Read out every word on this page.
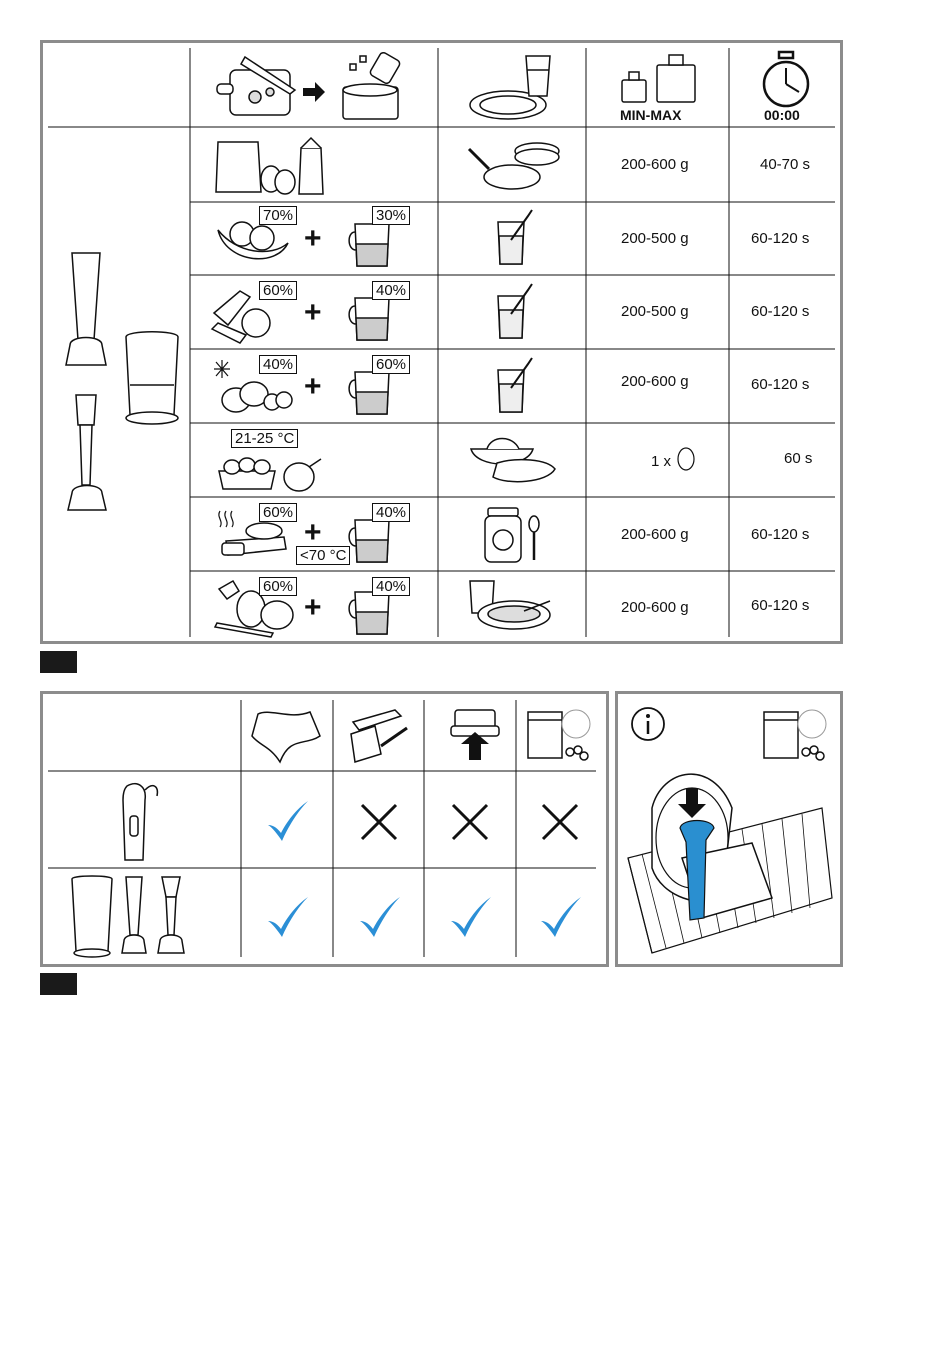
MIN-MAX	00:00
200-600 g	40-70 s
70%
+
30%
200-500 g	60-120 s
60%
+
40%
200-500 g	60-120 s
40%
+
60%
200-600 g	60-120 s
21-25 °C
1 x	60 s
60%
<70 °C
+
40%
200-600 g	60-120 s
60%
+
40%
200-600 g	60-120 s
